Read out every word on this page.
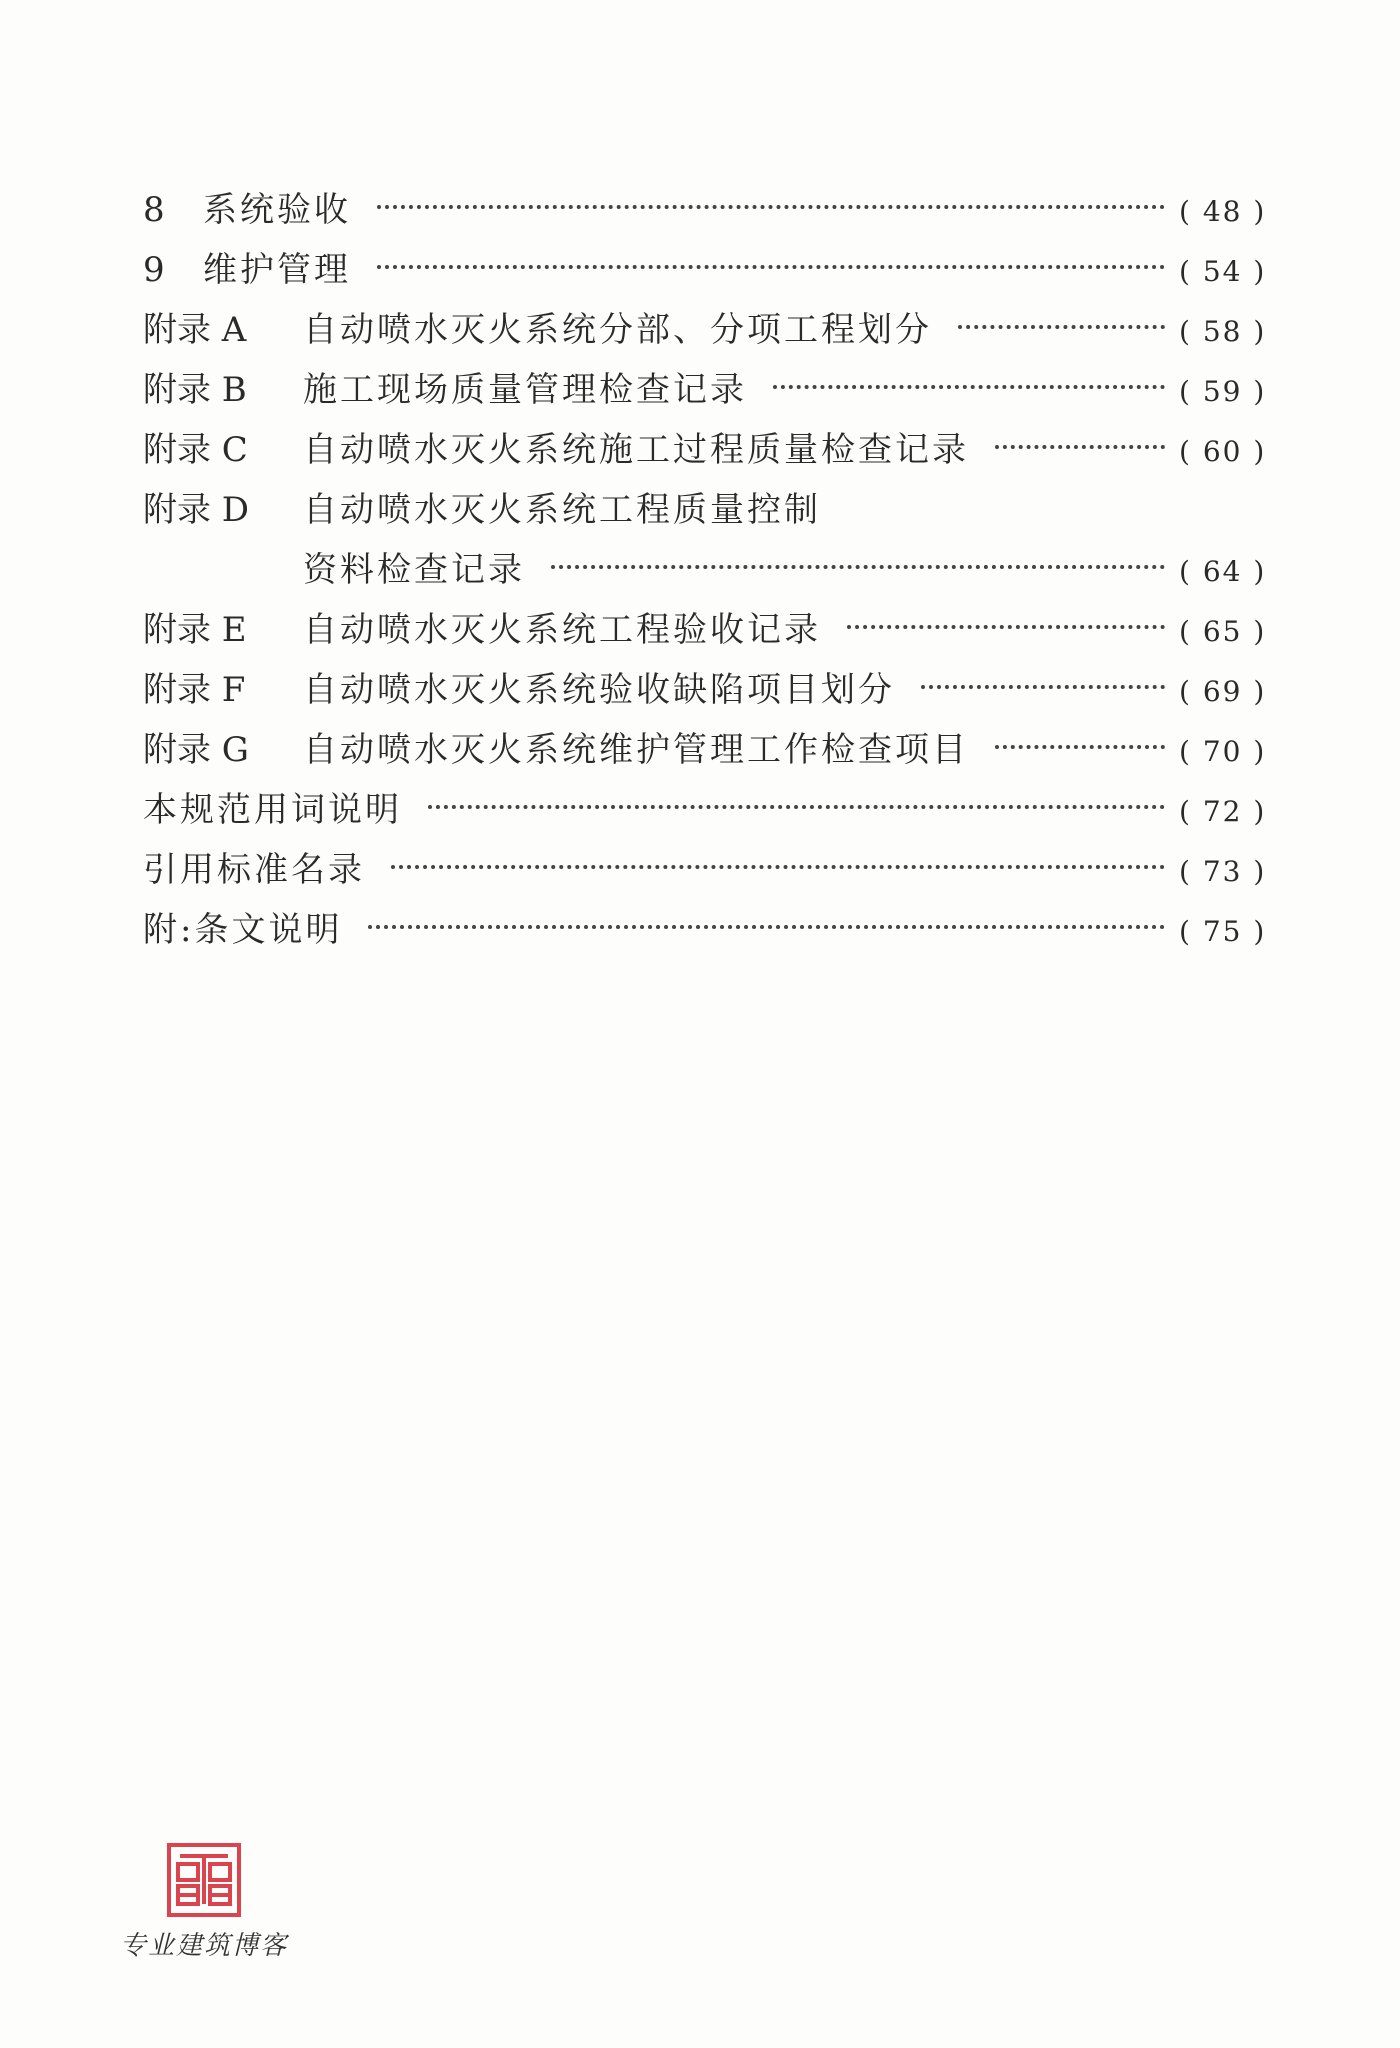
8	系统验收	( 48 )
9	维护管理	( 54 )
附录 A	自动喷水灭火系统分部、分项工程划分	( 58 )
附录 B	施工现场质量管理检查记录	( 59 )
附录 C	自动喷水灭火系统施工过程质量检查记录	( 60 )
附录 D	自动喷水灭火系统工程质量控制
资料检查记录	( 64 )
附录 E	自动喷水灭火系统工程验收记录	( 65 )
附录 F	自动喷水灭火系统验收缺陷项目划分	( 69 )
附录 G	自动喷水灭火系统维护管理工作检查项目	( 70 )
本规范用词说明	( 72 )
引用标准名录	( 73 )
附:条文说明	( 75 )
专业建筑博客
